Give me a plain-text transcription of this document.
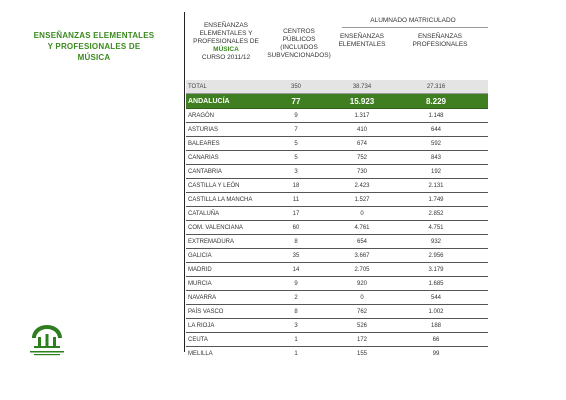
ENSEÑANZAS ELEMENTALES
Y PROFESIONALES DE
MÚSICA
ENSEÑANZAS
ELEMENTALES Y
PROFESIONALES DE
MÚSICA
CURSO 2011/12
CENTROS
PÚBLICOS
(INCLUIDOS
SUBVENCIONADOS)
ALUMNADO MATRICULADO
ENSEÑANZAS
ELEMENTALES
ENSEÑANZAS
PROFESIONALES
TOTAL	350	38.734	27.316
ANDALUCÍA	77	15.923	8.229
ARAGÓN	9	1.317	1.148
ASTURIAS	7	410	644
BALEARES	5	674	592
CANARIAS	5	752	843
CANTABRIA	3	730	192
CASTILLA Y LEÓN	18	2.423	2.131
CASTILLA LA MANCHA	11	1.527	1.749
CATALUÑA	17	0	2.852
COM. VALENCIANA	60	4.761	4.751
EXTREMADURA	8	654	932
GALICIA	35	3.667	2.956
MADRID	14	2.705	3.179
MURCIA	9	920	1.685
NAVARRA	2	0	544
PAÍS VASCO	8	762	1.002
LA RIOJA	3	526	188
CEUTA	1	172	66
MELILLA	1	155	99
